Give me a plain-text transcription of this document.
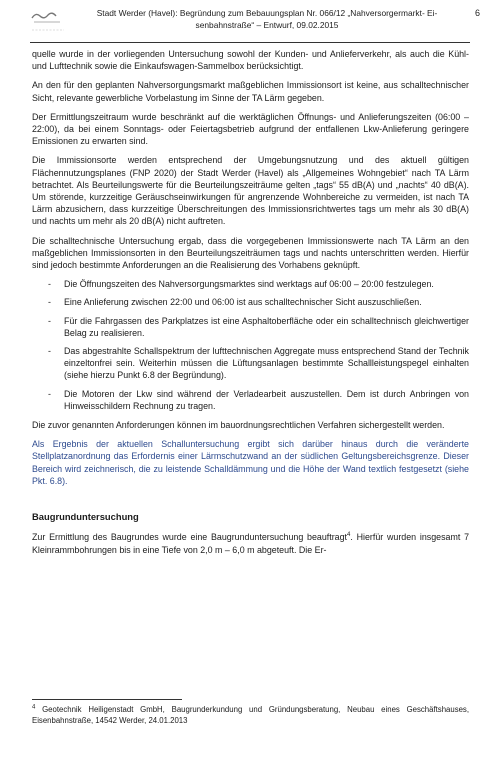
Stadt Werder (Havel): Begründung zum Bebauungsplan Nr. 066/12 „Nahversorgermarkt- Ei-
senbahnstraße“ – Entwurf, 09.02.2015
6

quelle wurde in der vorliegenden Untersuchung sowohl der Kunden- und Anlieferverkehr, als auch die Kühl- und Lufttechnik sowie die Einkaufswagen-Sammelbox berücksichtigt.

An den für den geplanten Nahversorgungsmarkt maßgeblichen Immissionsort ist keine, aus schalltechnischer Sicht, relevante gewerbliche Vorbelastung im Sinne der TA Lärm gegeben.

Der Ermittlungszeitraum wurde beschränkt auf die werktäglichen Öffnungs- und Anlieferungszeiten (06:00 – 22:00), da bei einem Sonntags- oder Feiertagsbetrieb aufgrund der entfallenen Lkw-Anlieferung geringere Emissionen zu erwarten sind.

Die Immissionsorte werden entsprechend der Umgebungsnutzung und des aktuell gültigen Flächennutzungsplanes (FNP 2020) der Stadt Werder (Havel) als „Allgemeines Wohngebiet“ nach TA Lärm betrachtet. Als Beurteilungswerte für die Beurteilungszeiträume gelten „tags“ 55 dB(A) und „nachts“ 40 dB(A). Um störende, kurzzeitige Geräuschseinwirkungen für angrenzende Wohnbereiche zu vermeiden, ist nach TA Lärm abzusichern, dass kurzzeitige Überschreitungen des Immissionsrichtwertes tags um mehr als 30 dB(A) und nachts um mehr als 20 dB(A) nicht auftreten.

Die schalltechnische Untersuchung ergab, dass die vorgegebenen Immissionswerte nach TA Lärm an den maßgeblichen Immissionsorten in den Beurteilungszeiträumen tags und nachts unterschritten werden. Hierfür sind jedoch bestimmte Anforderungen an die Realisierung des Vorhabens geknüpft.

- Die Öffnungszeiten des Nahversorgungsmarktes sind werktags auf 06:00 – 20:00 festzulegen.
- Eine Anlieferung zwischen 22:00 und 06:00 ist aus schalltechnischer Sicht auszuschließen.
- Für die Fahrgassen des Parkplatzes ist eine Asphaltoberfläche oder ein schalltechnisch gleichwertiger Belag zu realisieren.
- Das abgestrahlte Schallspektrum der lufttechnischen Aggregate muss entsprechend Stand der Technik einzeltonfrei sein. Weiterhin müssen die Lüftungsanlagen bestimmte Schallleistungspegel einhalten (siehe hierzu Punkt 6.8 der Begründung).
- Die Motoren der Lkw sind während der Verladearbeit auszustellen. Dem ist durch Anbringen von Hinweisschildern Rechnung zu tragen.

Die zuvor genannten Anforderungen können im bauordnungsrechtlichen Verfahren sichergestellt werden.

Als Ergebnis der aktuellen Schalluntersuchung ergibt sich darüber hinaus durch die veränderte Stellplatzanordnung das Erfordernis einer Lärmschutzwand an der südlichen Geltungsbereichsgrenze. Dieser Bereich wird zeichnerisch, die zu leistende Schalldämmung und die Höhe der Wand textlich festgesetzt (siehe Pkt. 6.8).

Baugrunduntersuchung

Zur Ermittlung des Baugrundes wurde eine Baugrunduntersuchung beauftragt$^4$. Hierfür wurden insgesamt 7 Kleinrammbohrungen bis in eine Tiefe von 2,0 m – 6,0 m abgeteuft. Die Er-

$^4$ Geotechnik Heiligenstadt GmbH, Baugrunderkundung und Gründungsberatung, Neubau eines Geschäftshauses, Eisenbahnstraße, 14542 Werder, 24.01.2013
